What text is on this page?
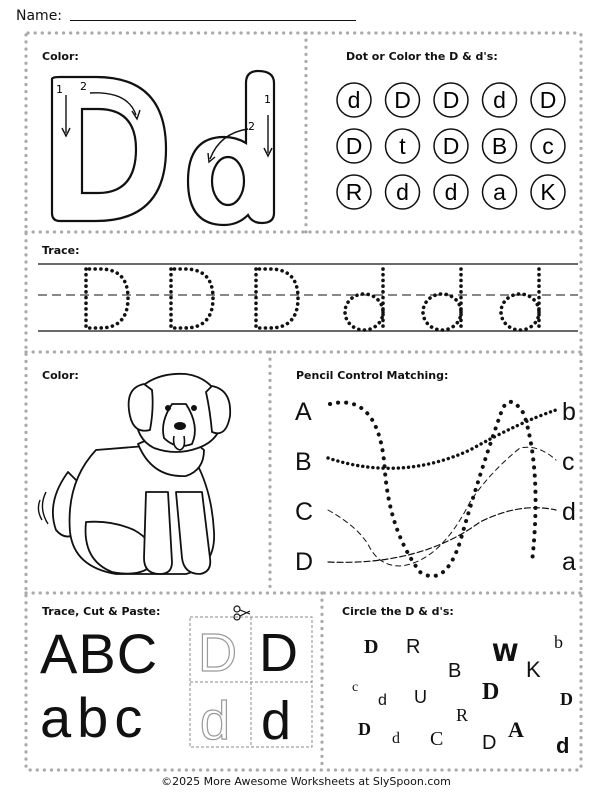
Name:
Color:
1 2
1
2
Dot or Color the D & d's:
d D D d D
D t D B c
R d d a K
Trace:
Color:	Pencil Control Matching:
A
B
C
D
b
c
d
a
Trace, Cut & Paste:
ABC
abc
D D
d d
Circle the D & d's:
D R	b
W
B	K
c	D
d U	D
R
D d C D
A
d
©2025 More Awesome Worksheets at SlySpoon.com
